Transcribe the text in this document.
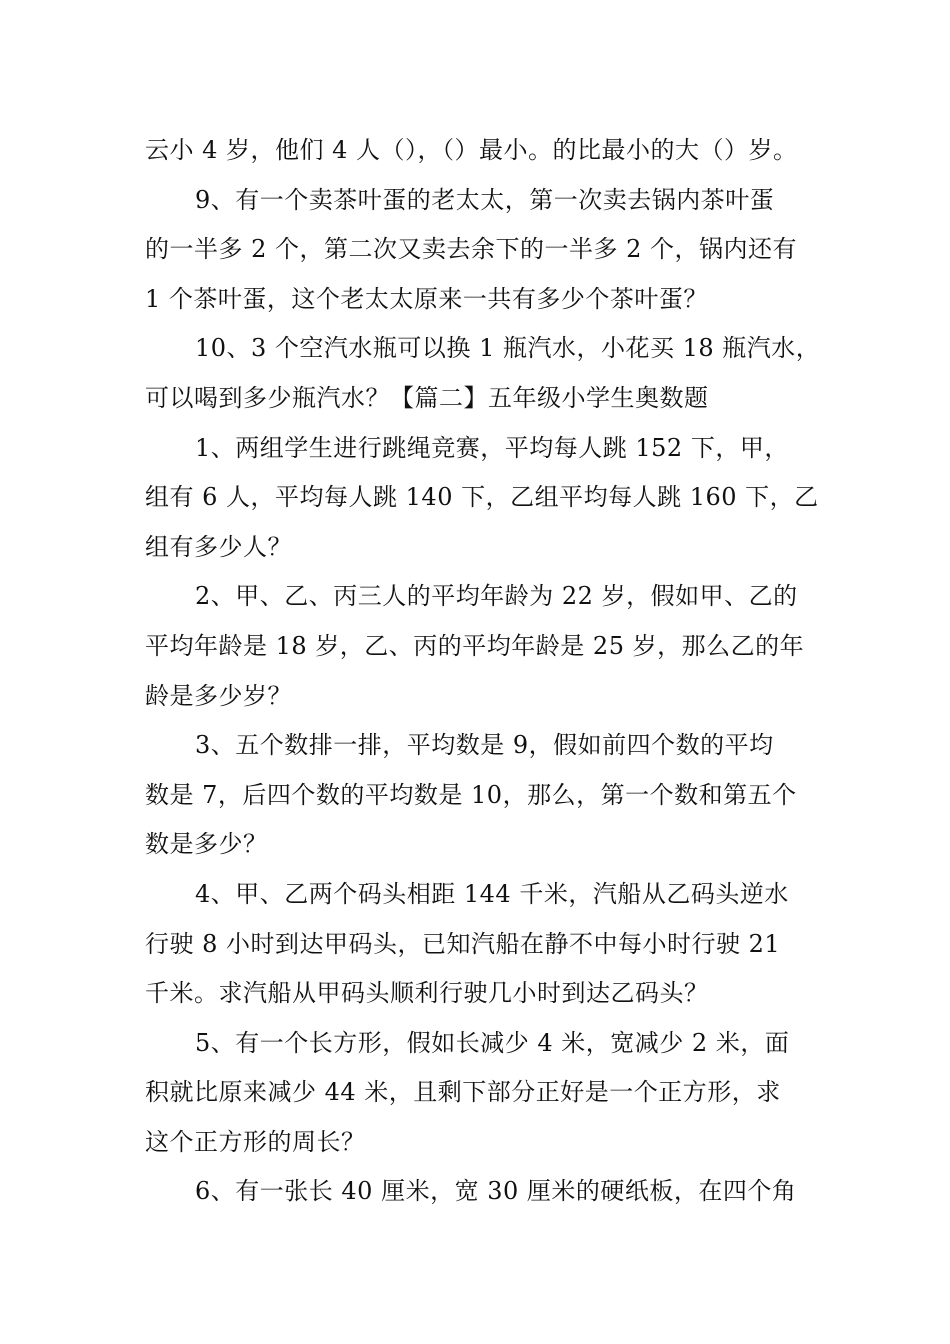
云小 4 岁，他们 4 人（），（）最小。的比最小的大（）岁。
9、有一个卖茶叶蛋的老太太，第一次卖去锅内茶叶蛋
的一半多 2 个，第二次又卖去余下的一半多 2 个，锅内还有
1 个茶叶蛋，这个老太太原来一共有多少个茶叶蛋？
10、3 个空汽水瓶可以换 1 瓶汽水，小花买 18 瓶汽水，
可以喝到多少瓶汽水？【篇二】五年级小学生奥数题
1、两组学生进行跳绳竞赛，平均每人跳 152 下，甲，
组有 6 人，平均每人跳 140 下，乙组平均每人跳 160 下，乙
组有多少人？
2、甲、乙、丙三人的平均年龄为 22 岁，假如甲、乙的
平均年龄是 18 岁，乙、丙的平均年龄是 25 岁，那么乙的年
龄是多少岁？
3、五个数排一排，平均数是 9，假如前四个数的平均
数是 7，后四个数的平均数是 10，那么，第一个数和第五个
数是多少？
4、甲、乙两个码头相距 144 千米，汽船从乙码头逆水
行驶 8 小时到达甲码头，已知汽船在静不中每小时行驶 21
千米。求汽船从甲码头顺利行驶几小时到达乙码头？
5、有一个长方形，假如长减少 4 米，宽减少 2 米，面
积就比原来减少 44 米，且剩下部分正好是一个正方形，求
这个正方形的周长？
6、有一张长 40 厘米，宽 30 厘米的硬纸板，在四个角
